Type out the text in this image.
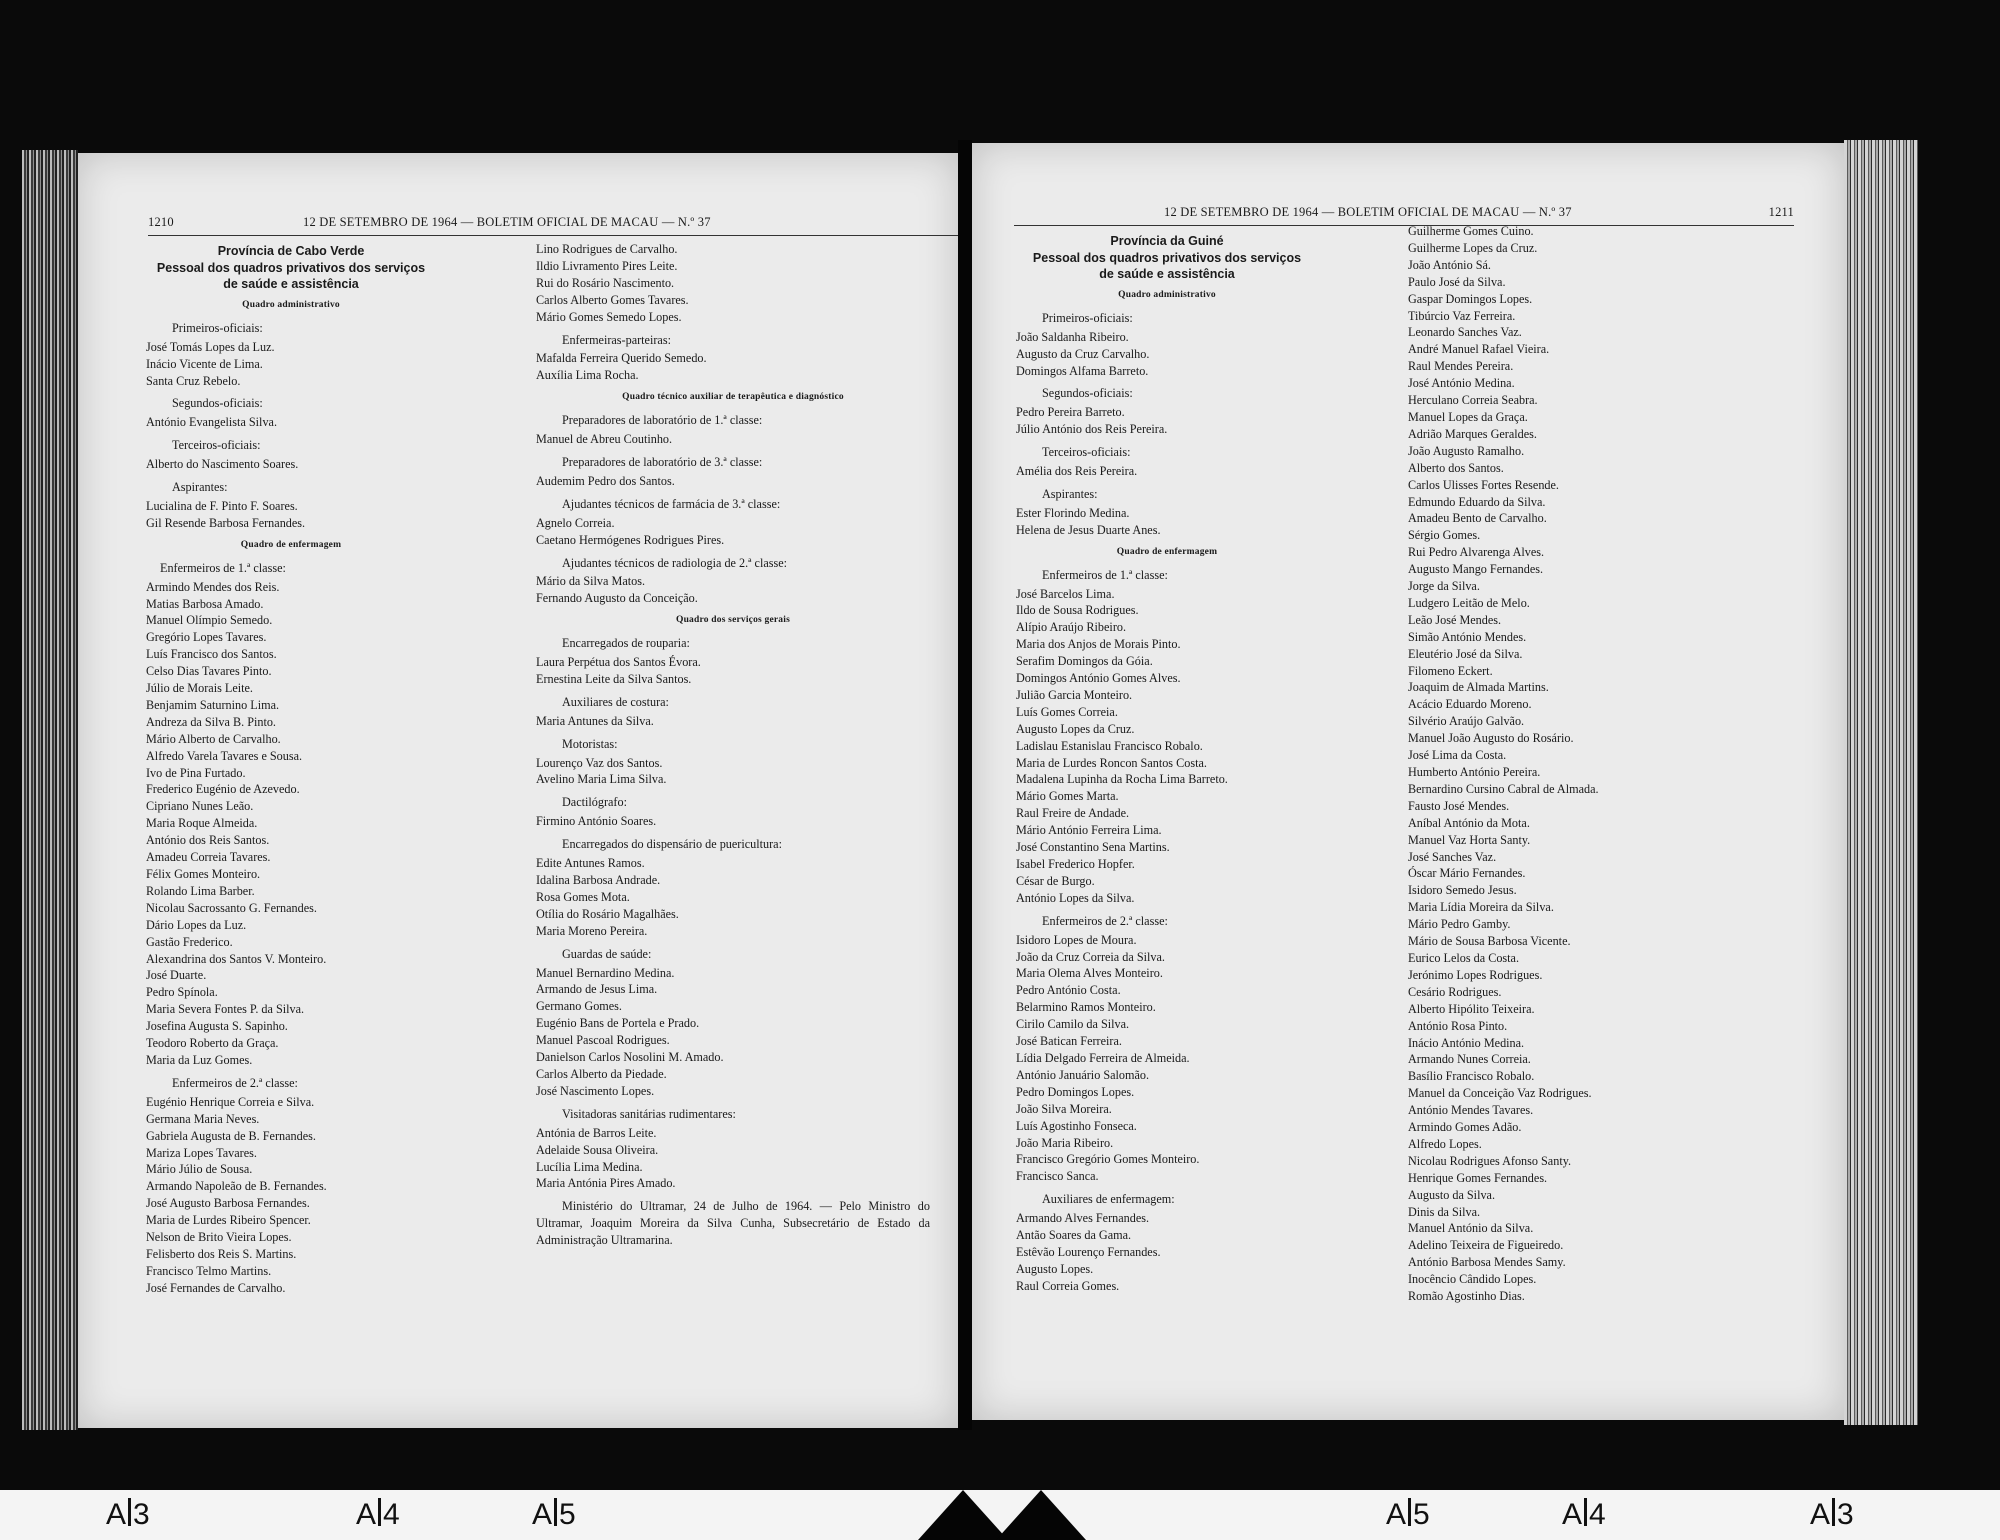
1210	12 DE SETEMBRO DE 1964 — BOLETIM OFICIAL DE MACAU — N.º 37
Província de Cabo Verde
Pessoal dos quadros privativos dos serviços
de saúde e assistência
Quadro administrativo
Primeiros-oficiais:
José Tomás Lopes da Luz.
Inácio Vicente de Lima.
Santa Cruz Rebelo.
Segundos-oficiais:
António Evangelista Silva.
Terceiros-oficiais:
Alberto do Nascimento Soares.
Aspirantes:
Lucialina de F. Pinto F. Soares.
Gil Resende Barbosa Fernandes.
Quadro de enfermagem
Enfermeiros de 1.ª classe:
Armindo Mendes dos Reis.
Matias Barbosa Amado.
Manuel Olímpio Semedo.
Gregório Lopes Tavares.
Luís Francisco dos Santos.
Celso Dias Tavares Pinto.
Júlio de Morais Leite.
Benjamim Saturnino Lima.
Andreza da Silva B. Pinto.
Mário Alberto de Carvalho.
Alfredo Varela Tavares e Sousa.
Ivo de Pina Furtado.
Frederico Eugénio de Azevedo.
Cipriano Nunes Leão.
Maria Roque Almeida.
António dos Reis Santos.
Amadeu Correia Tavares.
Félix Gomes Monteiro.
Rolando Lima Barber.
Nicolau Sacrossanto G. Fernandes.
Dário Lopes da Luz.
Gastão Frederico.
Alexandrina dos Santos V. Monteiro.
José Duarte.
Pedro Spínola.
Maria Severa Fontes P. da Silva.
Josefina Augusta S. Sapinho.
Teodoro Roberto da Graça.
Maria da Luz Gomes.
Enfermeiros de 2.ª classe:
Eugénio Henrique Correia e Silva.
Germana Maria Neves.
Gabriela Augusta de B. Fernandes.
Mariza Lopes Tavares.
Mário Júlio de Sousa.
Armando Napoleão de B. Fernandes.
José Augusto Barbosa Fernandes.
Maria de Lurdes Ribeiro Spencer.
Nelson de Brito Vieira Lopes.
Felisberto dos Reis S. Martins.
Francisco Telmo Martins.
José Fernandes de Carvalho.
Lino Rodrigues de Carvalho.
Ildio Livramento Pires Leite.
Rui do Rosário Nascimento.
Carlos Alberto Gomes Tavares.
Mário Gomes Semedo Lopes.
Enfermeiras-parteiras:
Mafalda Ferreira Querido Semedo.
Auxília Lima Rocha.
Quadro técnico auxiliar de terapêutica e diagnóstico
Preparadores de laboratório de 1.ª classe:
Manuel de Abreu Coutinho.
Preparadores de laboratório de 3.ª classe:
Audemim Pedro dos Santos.
Ajudantes técnicos de farmácia de 3.ª classe:
Agnelo Correia.
Caetano Hermógenes Rodrigues Pires.
Ajudantes técnicos de radiologia de 2.ª classe:
Mário da Silva Matos.
Fernando Augusto da Conceição.
Quadro dos serviços gerais
Encarregados de rouparia:
Laura Perpétua dos Santos Évora.
Ernestina Leite da Silva Santos.
Auxiliares de costura:
Maria Antunes da Silva.
Motoristas:
Lourenço Vaz dos Santos.
Avelino Maria Lima Silva.
Dactilógrafo:
Firmino António Soares.
Encarregados do dispensário de puericultura:
Edite Antunes Ramos.
Idalina Barbosa Andrade.
Rosa Gomes Mota.
Otília do Rosário Magalhães.
Maria Moreno Pereira.
Guardas de saúde:
Manuel Bernardino Medina.
Armando de Jesus Lima.
Germano Gomes.
Eugénio Bans de Portela e Prado.
Manuel Pascoal Rodrigues.
Danielson Carlos Nosolini M. Amado.
Carlos Alberto da Piedade.
José Nascimento Lopes.
Visitadoras sanitárias rudimentares:
Antónia de Barros Leite.
Adelaide Sousa Oliveira.
Lucília Lima Medina.
Maria Antónia Pires Amado.
Ministério do Ultramar, 24 de Julho de 1964. — Pelo Ministro do Ultramar, Joaquim Moreira da Silva Cunha, Subsecretário de Estado da Administração Ultramarina.
12 DE SETEMBRO DE 1964 — BOLETIM OFICIAL DE MACAU — N.º 37	1211
Província da Guiné
Pessoal dos quadros privativos dos serviços
de saúde e assistência
Quadro administrativo
Primeiros-oficiais:
João Saldanha Ribeiro.
Augusto da Cruz Carvalho.
Domingos Alfama Barreto.
Segundos-oficiais:
Pedro Pereira Barreto.
Júlio António dos Reis Pereira.
Terceiros-oficiais:
Amélia dos Reis Pereira.
Aspirantes:
Ester Florindo Medina.
Helena de Jesus Duarte Anes.
Quadro de enfermagem
Enfermeiros de 1.ª classe:
José Barcelos Lima.
Ildo de Sousa Rodrigues.
Alípio Araújo Ribeiro.
Maria dos Anjos de Morais Pinto.
Serafim Domingos da Góia.
Domingos António Gomes Alves.
Julião Garcia Monteiro.
Luís Gomes Correia.
Augusto Lopes da Cruz.
Ladislau Estanislau Francisco Robalo.
Maria de Lurdes Roncon Santos Costa.
Madalena Lupinha da Rocha Lima Barreto.
Mário Gomes Marta.
Raul Freire de Andade.
Mário António Ferreira Lima.
José Constantino Sena Martins.
Isabel Frederico Hopfer.
César de Burgo.
António Lopes da Silva.
Enfermeiros de 2.ª classe:
Isidoro Lopes de Moura.
João da Cruz Correia da Silva.
Maria Olema Alves Monteiro.
Pedro António Costa.
Belarmino Ramos Monteiro.
Cirilo Camilo da Silva.
José Batican Ferreira.
Lídia Delgado Ferreira de Almeida.
António Januário Salomão.
Pedro Domingos Lopes.
João Silva Moreira.
Luís Agostinho Fonseca.
João Maria Ribeiro.
Francisco Gregório Gomes Monteiro.
Francisco Sanca.
Auxiliares de enfermagem:
Armando Alves Fernandes.
Antão Soares da Gama.
Estêvão Lourenço Fernandes.
Augusto Lopes.
Raul Correia Gomes.
Guilherme Gomes Cuino.
Guilherme Lopes da Cruz.
João António Sá.
Paulo José da Silva.
Gaspar Domingos Lopes.
Tibúrcio Vaz Ferreira.
Leonardo Sanches Vaz.
André Manuel Rafael Vieira.
Raul Mendes Pereira.
José António Medina.
Herculano Correia Seabra.
Manuel Lopes da Graça.
Adrião Marques Geraldes.
João Augusto Ramalho.
Alberto dos Santos.
Carlos Ulisses Fortes Resende.
Edmundo Eduardo da Silva.
Amadeu Bento de Carvalho.
Sérgio Gomes.
Rui Pedro Alvarenga Alves.
Augusto Mango Fernandes.
Jorge da Silva.
Ludgero Leitão de Melo.
Leão José Mendes.
Simão António Mendes.
Eleutério José da Silva.
Filomeno Eckert.
Joaquim de Almada Martins.
Acácio Eduardo Moreno.
Silvério Araújo Galvão.
Manuel João Augusto do Rosário.
José Lima da Costa.
Humberto António Pereira.
Bernardino Cursino Cabral de Almada.
Fausto José Mendes.
Aníbal António da Mota.
Manuel Vaz Horta Santy.
José Sanches Vaz.
Óscar Mário Fernandes.
Isidoro Semedo Jesus.
Maria Lídia Moreira da Silva.
Mário Pedro Gamby.
Mário de Sousa Barbosa Vicente.
Eurico Lelos da Costa.
Jerónimo Lopes Rodrigues.
Cesário Rodrigues.
Alberto Hipólito Teixeira.
António Rosa Pinto.
Inácio António Medina.
Armando Nunes Correia.
Basílio Francisco Robalo.
Manuel da Conceição Vaz Rodrigues.
António Mendes Tavares.
Armindo Gomes Adão.
Alfredo Lopes.
Nicolau Rodrigues Afonso Santy.
Henrique Gomes Fernandes.
Augusto da Silva.
Dinis da Silva.
Manuel António da Silva.
Adelino Teixeira de Figueiredo.
António Barbosa Mendes Samy.
Inocêncio Cândido Lopes.
Romão Agostinho Dias.
A 3	A 4	A 5	A 5	A 4	A 3
